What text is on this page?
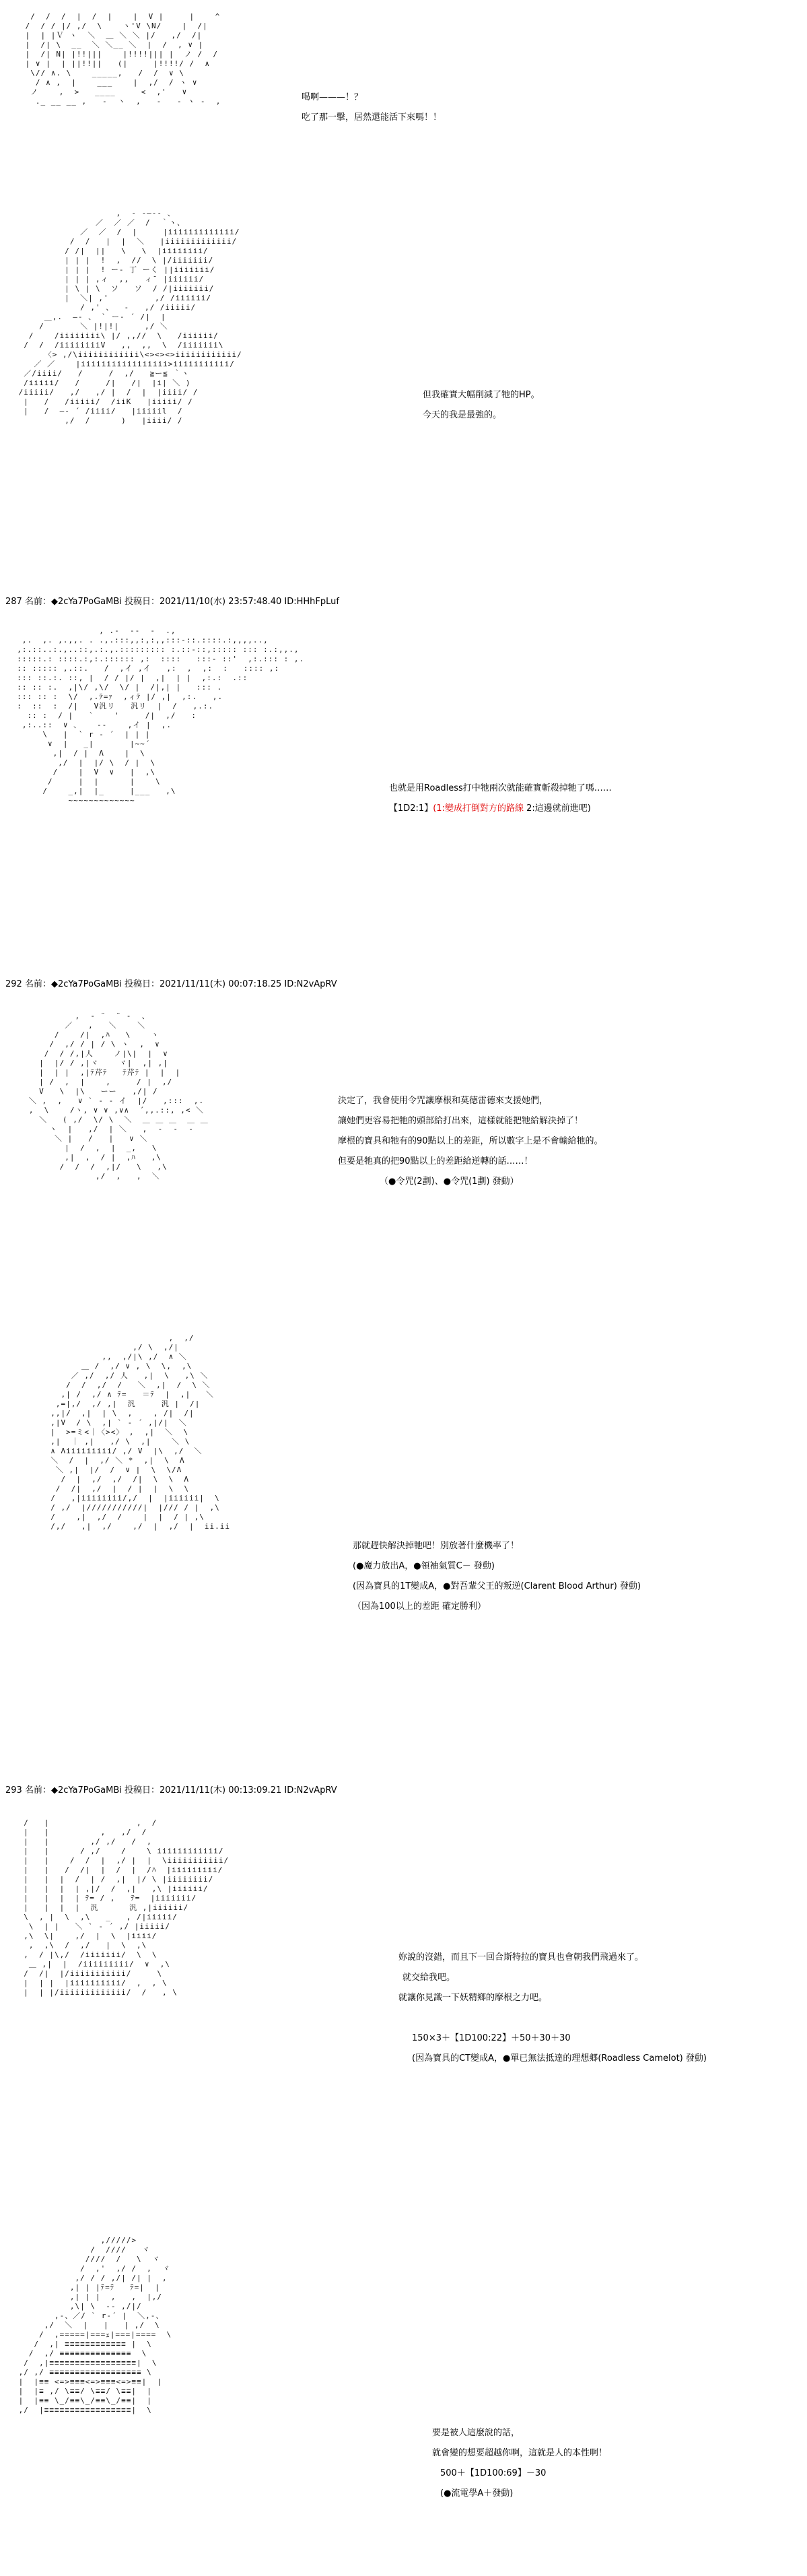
/  /  /  |  /  |    |  V |     |    ^
/  / / |/ ,/  \    ヽ'V \N/    |  /|
|  | |Ｖ ヽ  ＼  ＿ ＼ ＼ |/   ,/  /|
|  /| \  __  ＼ ＼__ ＼  |  /  , ∨ |
|  /| N| |!!|||    |!!!!||| |  ノ /  /
| ∨ |  | ||!!||   (|     |!!!!/ /  ∧
\// ∧. \    _____,   /  /  ∨ \
/ ∧ ,  |    ___    |  ,/  / ヽ ∨
ノ    ,  >   ____     <  ,'   ∨
._ __ __ ,   -  ヽ  ,   -   - ヽ -  ,	喝啊———！？
吃了那一擊，居然還能活下來嗎！！
,  - ‐―‐- 、
／  ／ ／  /  ｀ヽ、
／  ／  /  |     |iiiiiiiiiiiii/
/  /   |  |  ＼   |iiiiiiiiiiiii/
/ /|  ||   \   \  |iiiiiiii/
| | |  !  ,  //  \ |/iiiiiii/
| | |  ! ー‐ 丁 ーく ||iiiiiii/
| | | ,ィ  ,,   ィ¨ |iiiiii/
| \ | \  ソ   ソ  / /|iiiiiii/
|  ＼| ,'         ,/ /iiiiii/
/ ,' 、  ‐   ,/ /iiiii/
＿,.  ―- 、 ` ー‐ ´ /|  |
/       ＼ |!|!|     ,/ ＼
/    /iiiiiiii\ |/ ,,//  \   /iiiiii/
/  /  /iiiiiiiiV   ,,  ,,  \  /iiiiiii\
〈> ,/\iiiiiiiiiiii\<><><>iiiiiiiiiiii/
／ ／    |iiiiiiiiiiiiiiiii>iiiiiiiiiii/
／/iiii/   /     /  ,/   ≧ー≦ ｀ヽ
/iiiii/   /     /|   /|  |i| ＼ )
/iiiii/   ,/   ,/ |  /  |  |iiii/ /
|   /   /iiiii/  /iiK   |iiiii/ /
|   /  ―‐ ´ /iiii/   |iiiiil  /
,/  /      )   |iiii/ /
但我確實大幅削減了牠的HP。
今天的我是最強的。
287 名前：◆2cYa7PoGaMBi 投稿日：2021/11/10(水) 23:57:48.40 ID:HHhFpLuf
, .-  ‐-  -  .,
,.  ,. ,.,,. . .,.:::,,:,:,,:::-::.::::.:,,,,..,
,:.::..:.,..::,.:.,.::::::::: :.::-::,::::: ::: :.:,,.,
:::::.: ::::.:,:.:::::: ,:  ::::   :::- ::'  ,:.::: : ,.
:: ::::: ,.::.   /  ,イ ,イ   ,:  ,  ,:  :   :::: ,:
::: ::.:. ::, |  / / |/ |  ,|  | |  ,:.:  .::
:: :: :.  ,|\/ ,\/  \/ |  /|,| |   ::: .
::: :: :  \/  ,.ﾃ=ｧ  ,ィﾃ |/ ,|  ,:.   ,.
:  ::  :  /|   V汎リ   汎リ  |  /   ,.:.
:: :  / |   `    '     /|  ,/   :
,:..::  ∨ 、   ‐‐    ,イ |  ,.
\   |  ` r ‐ ´  | | |
∨  |   _|       |~~´
,|  / |  Λ    |  \
,/  |  |/ \  / |  \
/    |  V  ∨   |  ,\
/     |  |      |    \
/    _,|  |_     |___   ,\
~~~~~~~~~~~~~
也就是用Roadless打中牠兩次就能確實斬殺掉牠了嗎……
【1D2:1】(1:變成打倒對方的路線 2:這邊就前進吧)
292 名前：◆2cYa7PoGaMBi 投稿日：2021/11/11(木) 00:07:18.25 ID:N2vApRV
,  ‐ ¨  ¨ ‐  、
／   ,   ＼    ＼
/    /|  ,ﾊ   \    ヽ
/  ,/ / | / \ ヽ  ,  ∨
/  / /,|人    ノ|\|  |  ∨
|  |/ / ,|ヾ    ヾ|  ,| ,|
|  | |  ,|ﾃ芹ﾃ   ﾃ芹ﾃ |  |  |
| /  ,  |    ,     / |  ,/
V   \  |\   ーー   ,/| /
＼ ,  ,   ∨ ` ‐ ‐ イ  |/   ,:::  ,.
,  \    /ヽ, ∨ ∨ ,∨∧  ´,,.::, ,< ＼
＼   ( ,/  \/ \  ＼  ＿ ＿ ＿  ＿ ＿
ヽ  |   ,/  | ＼   ,  -  -  -
＼ |   /   |   ∨ ＼
|  /  ,  |  _,   \
,|  ,  / |  ,ﾊ   ,\
/  /  /  ,|/   \   ,\
,/  ,   ,  ＼
決定了，我會使用令咒讓摩根和莫德雷德來支援她們，
讓她們更容易把牠的頭部給打出來，這樣就能把牠給解決掉了！
摩根的寶具和牠有的90點以上的差距，所以數字上是不會輸給牠的。
但要是牠真的把90點以上的差距給逆轉的話……！
（●令咒(2劃)、●令咒(1劃) 發動）
,  ,/
,/ \  ,/|
,,  ,/|\ ,/  ∧ ＼
＿ /  ,/ ∨ , \  \,  ,\
／ ,/  ,/ 人   ,|  \   ,\ ＼
/  /  ,/  /   ＼  ,|  /  \ ＼
,| /  ,/ ∧ ﾃ=   ＝ﾃ  |  ,|   ＼
,=|,/  ,/ ,|  汎     汎 |  /|
,,|/  ,|  | \  ,    , /|  /|
,|V  / \  ,| ` ‐ ´ ,|/|  ＼
|  >=ミ<｜〈><〉 ,  ,|  ＼  \
,|  ｜ ,|   ,/ \  ,|    ＼ \
∧ Λiiiiiiiii/ ,/ V  |\  ,/  ＼
＼  /  |  ,/ ＼ *  ,|  \  Λ
＼ ,|  |/  /  ∨ |  \  \/Λ
/  |  ,/  ,/  /|  \  \  Λ
/  /|  ,/  |  / |  |  \  \
/   ,|iiiiiiii/,/  |  |iiiiii|  \
/ ,/  |///////////|  |/// / |  ,\
/    ,|  ,/  /    |  |  / | ,\
/,/   ,|  ,/    ,/  |  ,/  |  ii.ii
那就趕快解決掉牠吧！別放著什麼機率了！
(●魔力放出A，●領袖氣質C－ 發動)
(因為寶具的1T變成A，●對吾輩父王的叛逆(Clarent Blood Arthur) 發動)
（因為100以上的差距 確定勝利）
293 名前：◆2cYa7PoGaMBi 投稿日：2021/11/11(木) 00:13:09.21 ID:N2vApRV
/   |                 ,  /
|   |          ,   ,/  /
|   |        ,/ ,/   /  ,
|   |      / ,/    /    \ iiiiiiiiiiii/
|   |    /  /  |  ,/ |  |  \iiiiiiiiiii/
|   |   /  /|  |  /  |  /ﾊ  |iiiiiiiii/
|   |  |  /  | /  ,|  |/ \ |iiiiiiii/
|   |  |  | ,|/  /  ,|   ,\ |iiiiii/
|   |  |  | ﾃ= / ,   ﾃ=  |iiiiiii/
|   |  |  |  汎      汎 ,|iiiiii/
\  , |  \  ,\   _   , /|iiiii/
\  | |   ＼ ` ‐ ´ ,/ |iiiii/
,\  \|    ,/  |  \  |iiii/
,  ,\  /  ,/   |  \  ,\
,  / |\,/  /iiiiiii/  \  \
＿ ,|  |  /iiiiiiiii/  ∨  ,\
/  /|  |/iiiiiiiiiii/     \
|  | |  |iiiiiiiiii/  ,  , \
|  | |/iiiiiiiiiiiii/  /   , \
妳說的沒錯，而且下一回合斯特拉的寶具也會朝我們飛過來了。
就交給我吧。
就讓你見識一下妖精鄉的摩根之力吧。
150×3＋【1D100:22】＋50＋30＋30
(因為寶具的CT變成A，●單已無法抵達的理想郷(Roadless Camelot) 發動)
,/////>
/  ////   ヾ
////  /   \  ヾ
/  ,'  ,/ /  ,  ヾ
,/ / / ,/| /| |  ,
,| | |ﾃ=ﾃ   ﾃ=|  |
,| | |  ,   ,  |,/
,\| \  ‐‐ ,/|/
,-、／/ ` r‐´ |  ＼,-、
,/  ＼  |   |   | ,/  \
/  ,=====|===ｪ|===|====  \
/  ,| ≡≡≡≡≡≡≡≡≡≡≡≡ |  \
/  ,/ ≡≡≡≡≡≡≡≡≡≡≡≡≡≡  \
/  ,|≡≡≡≡≡≡≡≡≡≡≡≡≡≡≡≡≡|  \
,/ ,/ ≡≡≡≡≡≡≡≡≡≡≡≡≡≡≡≡≡≡ \
|  |≡≡ <=>≡≡≡<=>≡≡≡<=>≡≡|  |
|  |≡ ,/ \≡≡/ \≡≡/ \≡≡|  |
|  |≡≡ \_/≡≡\_/≡≡\_/≡≡|  |
,/  |≡≡≡≡≡≡≡≡≡≡≡≡≡≡≡≡≡|  \
要是被人這麼說的話，
就會變的想要超越你啊，這就是人的本性啊！
500＋【1D100:69】－30
(●流電學A＋發動)
